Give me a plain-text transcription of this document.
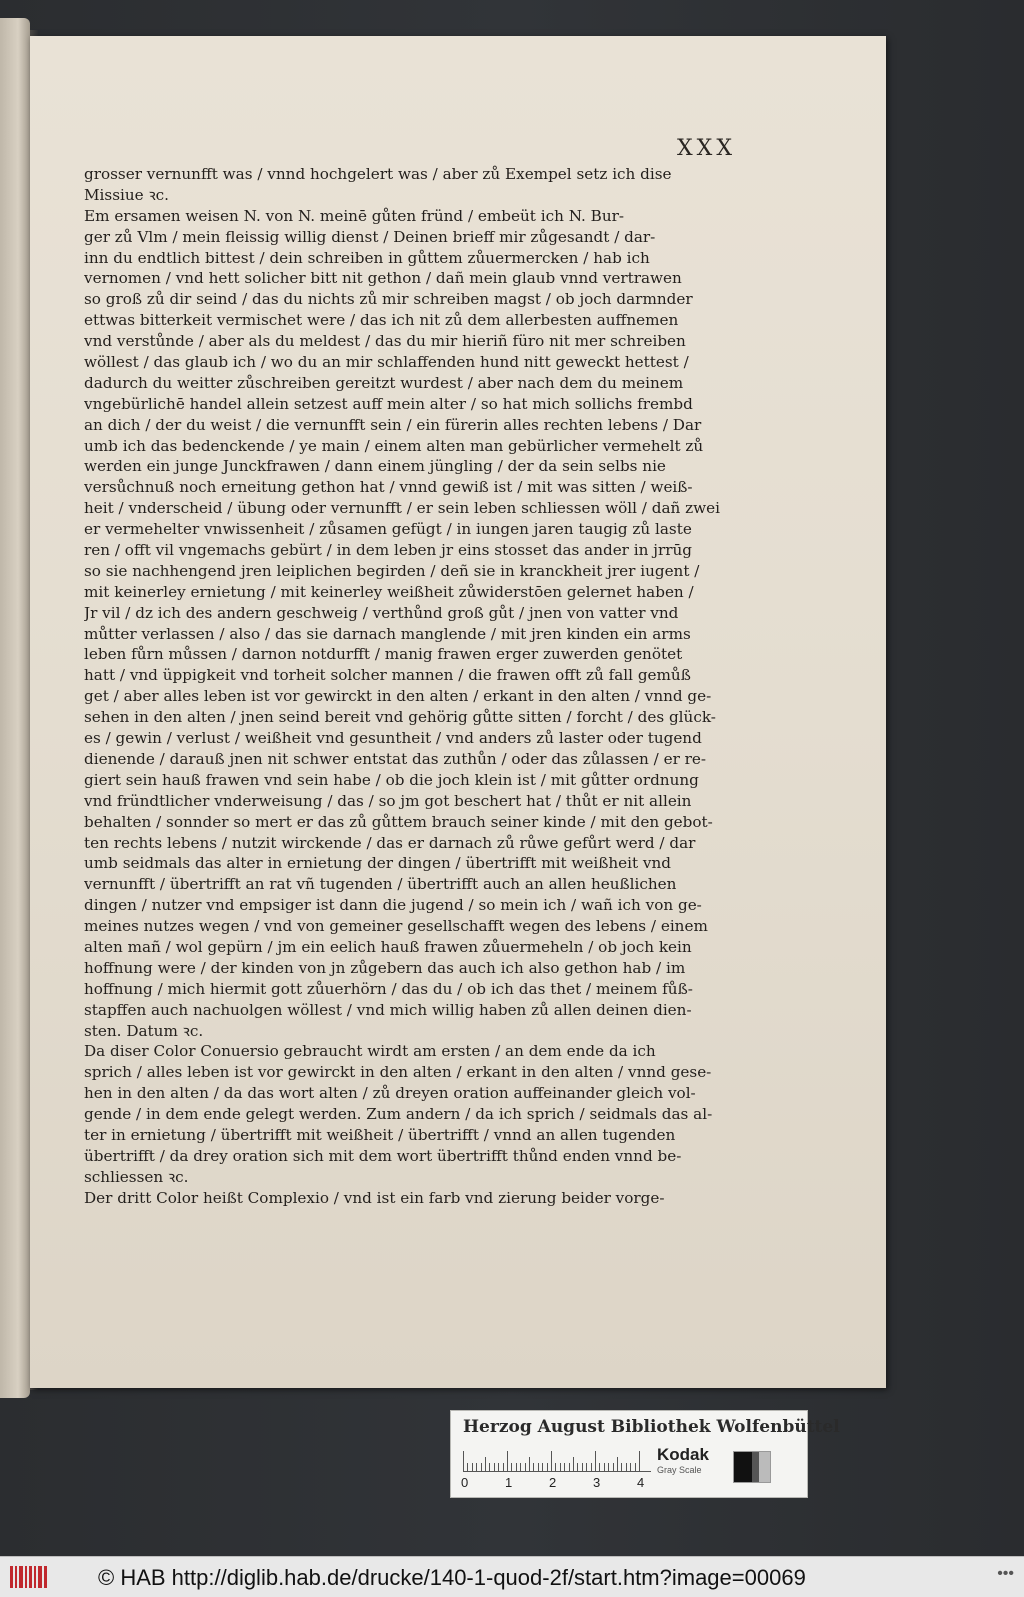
XXX
grosser vernunfft was / vnnd hochgelert was / aber zů Exempel setz ich dise
Missiue ꝛc.
Em ersamen weisen N. von N. meinē gůten fründ / embeüt ich N. Bur-
ger zů Vlm / mein fleissig willig dienst / Deinen brieff mir zůgesandt / dar-
inn du endtlich bittest / dein schreiben in gůttem zůuermercken / hab ich
vernomen / vnd hett solicher bitt nit gethon / dañ mein glaub vnnd vertrawen
so groß zů dir seind / das du nichts zů mir schreiben magst / ob joch darmnder
ettwas bitterkeit vermischet were / das ich nit zů dem allerbesten auffnemen
vnd verstůnde / aber als du meldest / das du mir hieriñ füro nit mer schreiben
wöllest / das glaub ich / wo du an mir schlaffenden hund nitt geweckt hettest /
dadurch du weitter zůschreiben gereitzt wurdest / aber nach dem du meinem
vngebürlichē handel allein setzest auff mein alter / so hat mich sollichs frembd
an dich / der du weist / die vernunfft sein / ein fürerin alles rechten lebens / Dar
umb ich das bedenckende / ye main / einem alten man gebürlicher vermehelt zů
werden ein junge Junckfrawen / dann einem jüngling / der da sein selbs nie
versůchnuß noch erneitung gethon hat / vnnd gewiß ist / mit was sitten / weiß-
heit / vnderscheid / übung oder vernunfft / er sein leben schliessen wöll / dañ zwei
er vermehelter vnwissenheit / zůsamen gefügt / in iungen jaren taugig zů laste
ren / offt vil vngemachs gebürt / in dem leben jr eins stosset das ander in jrrūg
so sie nachhengend jren leiplichen begirden / deñ sie in kranckheit jrer iugent /
mit keinerley ernietung / mit keinerley weißheit zůwiderstōen gelernet haben /
Jr vil / dz ich des andern geschweig / verthůnd groß gůt / jnen von vatter vnd
můtter verlassen / also / das sie darnach manglende / mit jren kinden ein arms
leben fůrn můssen / darnon notdurfft / manig frawen erger zuwerden genötet
hatt / vnd üppigkeit vnd torheit solcher mannen / die frawen offt zů fall gemůß
get / aber alles leben ist vor gewirckt in den alten / erkant in den alten / vnnd ge-
sehen in den alten / jnen seind bereit vnd gehörig gůtte sitten / forcht / des glück-
es / gewin / verlust / weißheit vnd gesuntheit / vnd anders zů laster oder tugend
dienende / darauß jnen nit schwer entstat das zuthůn / oder das zůlassen / er re-
giert sein hauß frawen vnd sein habe / ob die joch klein ist / mit gůtter ordnung
vnd fründtlicher vnderweisung / das / so jm got beschert hat / thůt er nit allein
behalten / sonnder so mert er das zů gůttem brauch seiner kinde / mit den gebot-
ten rechts lebens / nutzit wirckende / das er darnach zů růwe gefůrt werd / dar
umb seidmals das alter in ernietung der dingen / übertrifft mit weißheit vnd
vernunfft / übertrifft an rat vñ tugenden / übertrifft auch an allen heußlichen
dingen / nutzer vnd empsiger ist dann die jugend / so mein ich / wañ ich von ge-
meines nutzes wegen / vnd von gemeiner gesellschafft wegen des lebens / einem
alten mañ / wol gepürn / jm ein eelich hauß frawen zůuermeheln / ob joch kein
hoffnung were / der kinden von jn zůgebern das auch ich also gethon hab / im
hoffnung / mich hiermit gott zůuerhörn / das du / ob ich das thet / meinem fůß-
stapffen auch nachuolgen wöllest / vnd mich willig haben zů allen deinen dien-
sten. Datum ꝛc.
Da diser Color Conuersio gebraucht wirdt am ersten / an dem ende da ich
sprich / alles leben ist vor gewirckt in den alten / erkant in den alten / vnnd gese-
hen in den alten / da das wort alten / zů dreyen oration auffeinander gleich vol-
gende / in dem ende gelegt werden. Zum andern / da ich sprich / seidmals das al-
ter in ernietung / übertrifft mit weißheit / übertrifft / vnnd an allen tugenden
übertrifft / da drey oration sich mit dem wort übertrifft thůnd enden vnnd be-
schliessen ꝛc.
Der dritt Color heißt Complexio / vnd ist ein farb vnd zierung beider vorge-
Herzog August Bibliothek Wolfenbüttel
0	1	2	3	4
Kodak
Gray Scale
© HAB http://diglib.hab.de/drucke/140-1-quod-2f/start.htm?image=00069	•••
